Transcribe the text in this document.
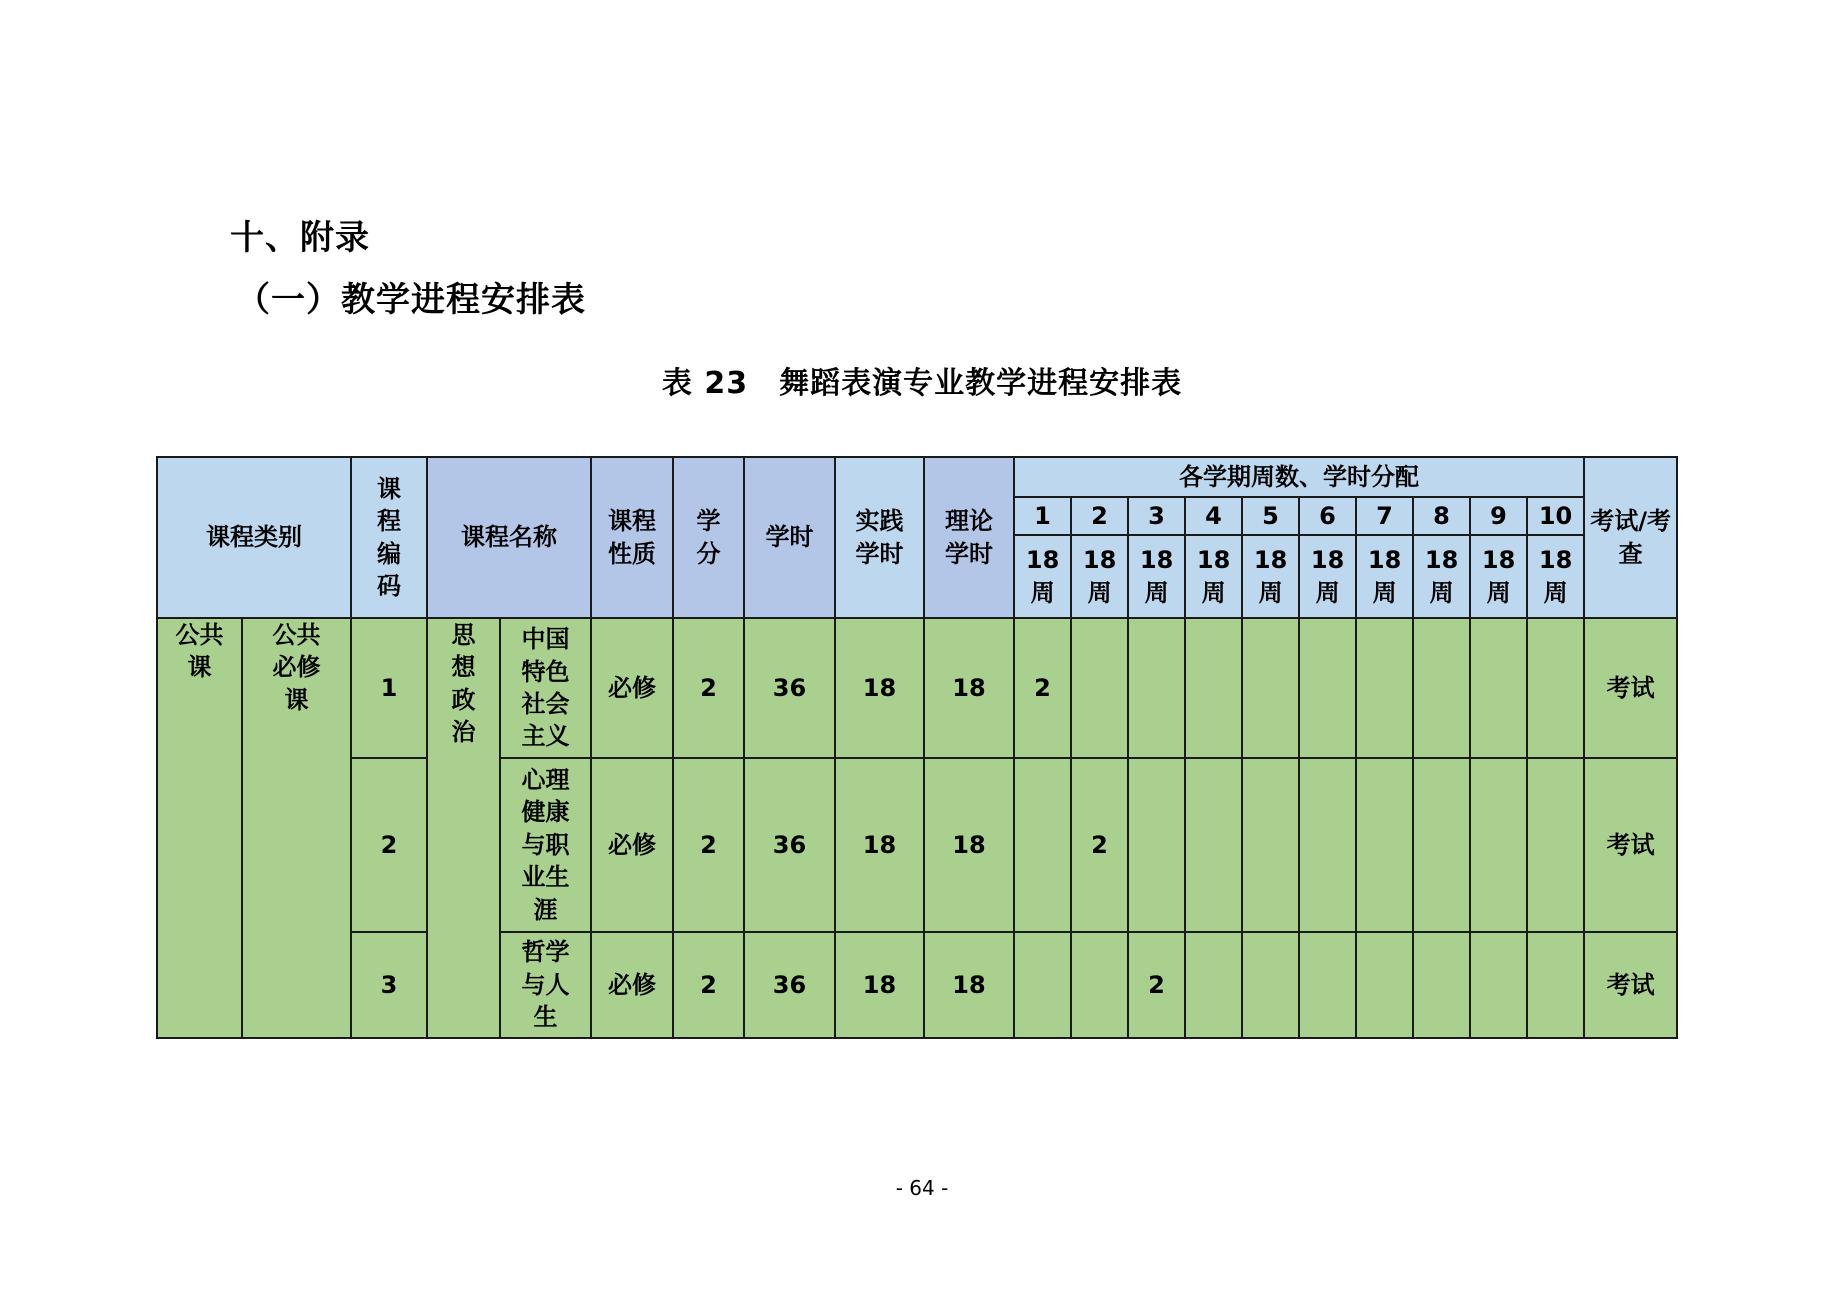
十、附录
（一）教学进程安排表
表 23　舞蹈表演专业教学进程安排表
课程类别		课程编码	课程名称		课程性质	学分	学时	实践学时	理论学时	各学期周数、学时分配										考试/考查
										1	2	3	4	5	6	7	8	9	10	
										18周	18周	18周	18周	18周	18周	18周	18周	18周	18周	
公共课	公共必修课	1	思想政治	中国特色社会主义	必修	2	36	18	18	2										考试
		2		心理健康与职业生涯	必修	2	36	18	18		2									考试
		3		哲学与人生	必修	2	36	18	18			2								考试
- 64 -
